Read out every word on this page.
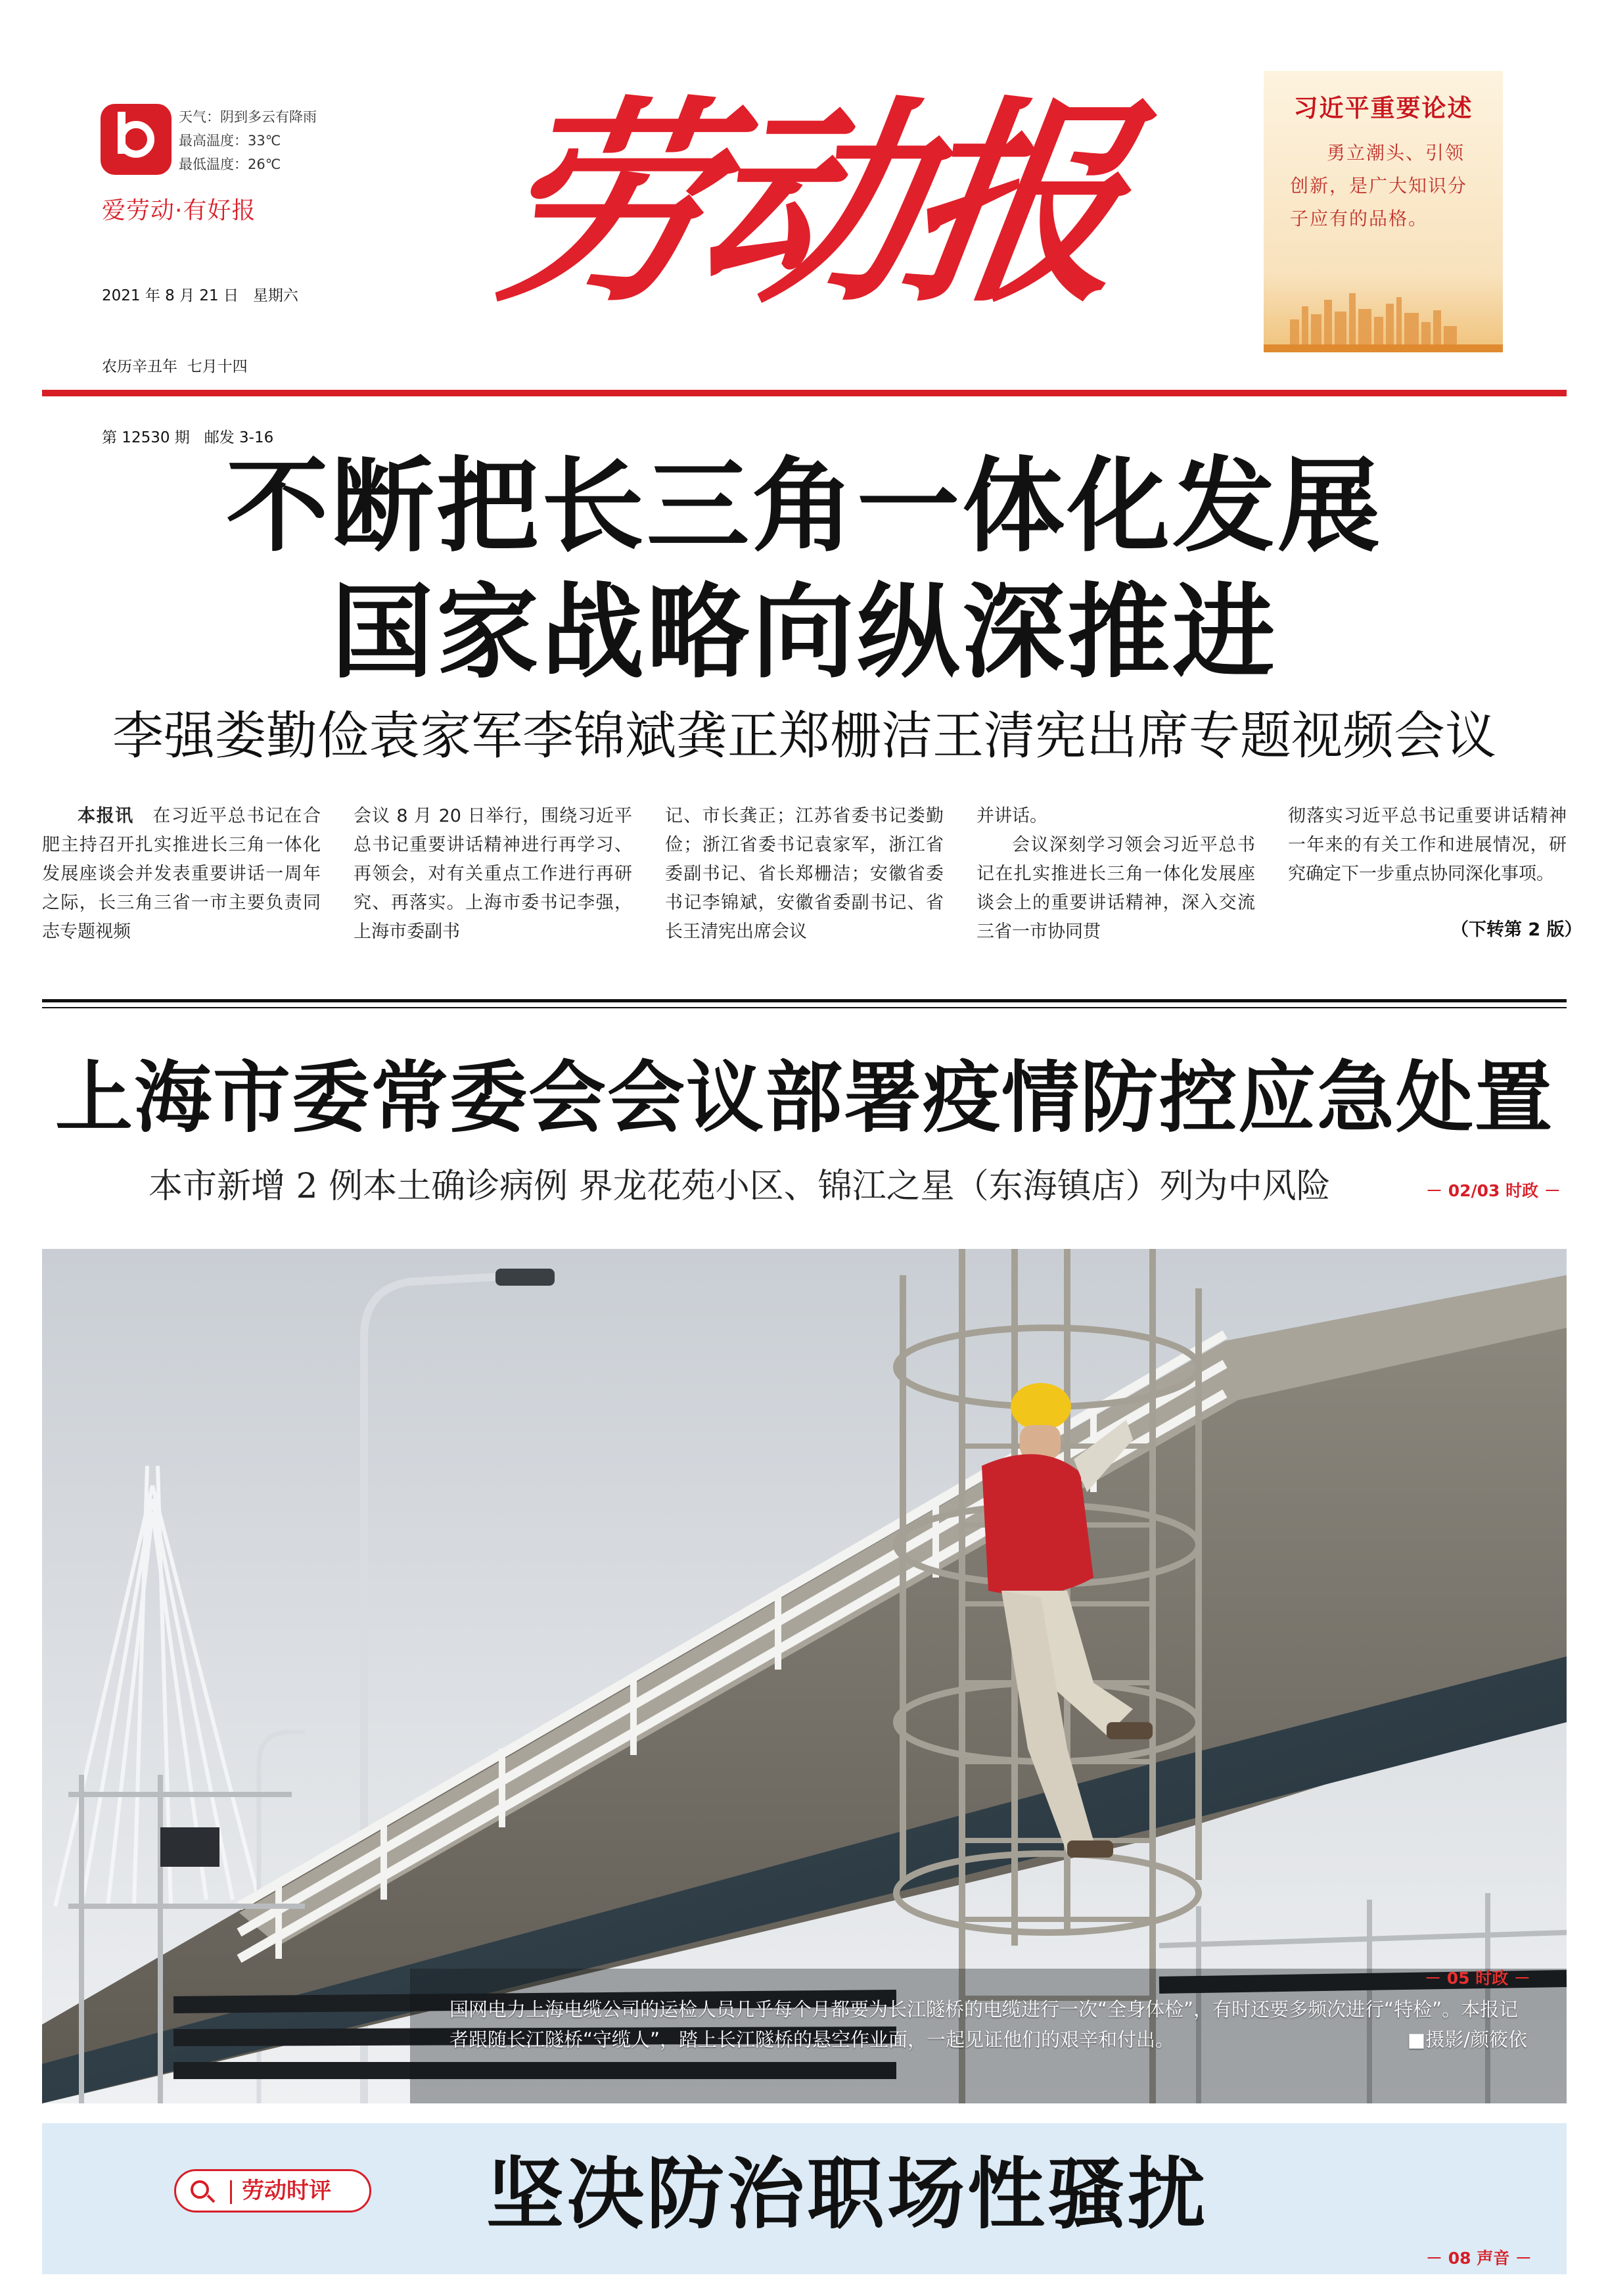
天气：阴到多云有降雨
最高温度：33℃
最低温度：26℃
爱劳动·有好报

2021 年 8 月 21 日   星期六

农历辛丑年  七月十四

第 12530 期   邮发 3-16

劳动报	习近平重要论述
勇立潮头、引领创新，是广大知识分子应有的品格。
不断把长三角一体化发展
国家战略向纵深推进
李强娄勤俭袁家军李锦斌龚正郑栅洁王清宪出席专题视频会议
本报讯　 在习近平总书记在合肥主持召开扎实推进长三角一体化发展座谈会并发表重要讲话一周年之际，长三角三省一市主要负责同志专题视频
会议 8 月 20 日举行，围绕习近平总书记重要讲话精神进行再学习、再领会，对有关重点工作进行再研究、再落实。上海市委书记李强，上海市委副书
记、市长龚正；江苏省委书记娄勤俭；浙江省委书记袁家军，浙江省委副书记、省长郑栅洁；安徽省委书记李锦斌，安徽省委副书记、省长王清宪出席会议
并讲话。
会议深刻学习领会习近平总书记在扎实推进长三角一体化发展座谈会上的重要讲话精神，深入交流三省一市协同贯
彻落实习近平总书记重要讲话精神一年来的有关工作和进展情况，研究确定下一步重点协同深化事项。
（下转第 2 版）
上海市委常委会会议部署疫情防控应急处置
本市新增 2 例本土确诊病例 界龙花苑小区、锦江之星（东海镇店）列为中风险	－ 02/03 时政 －
－ 05 时政 －
国网电力上海电缆公司的运检人员几乎每个月都要为长江隧桥的电缆进行一次“全身体检”，有时还要多频次进行“特检”。本报记者跟随长江隧桥“守缆人”，踏上长江隧桥的悬空作业面，一起见证他们的艰辛和付出。	■摄影/颜筱依
劳动时评 坚决防治职场性骚扰
－ 08 声音 －
